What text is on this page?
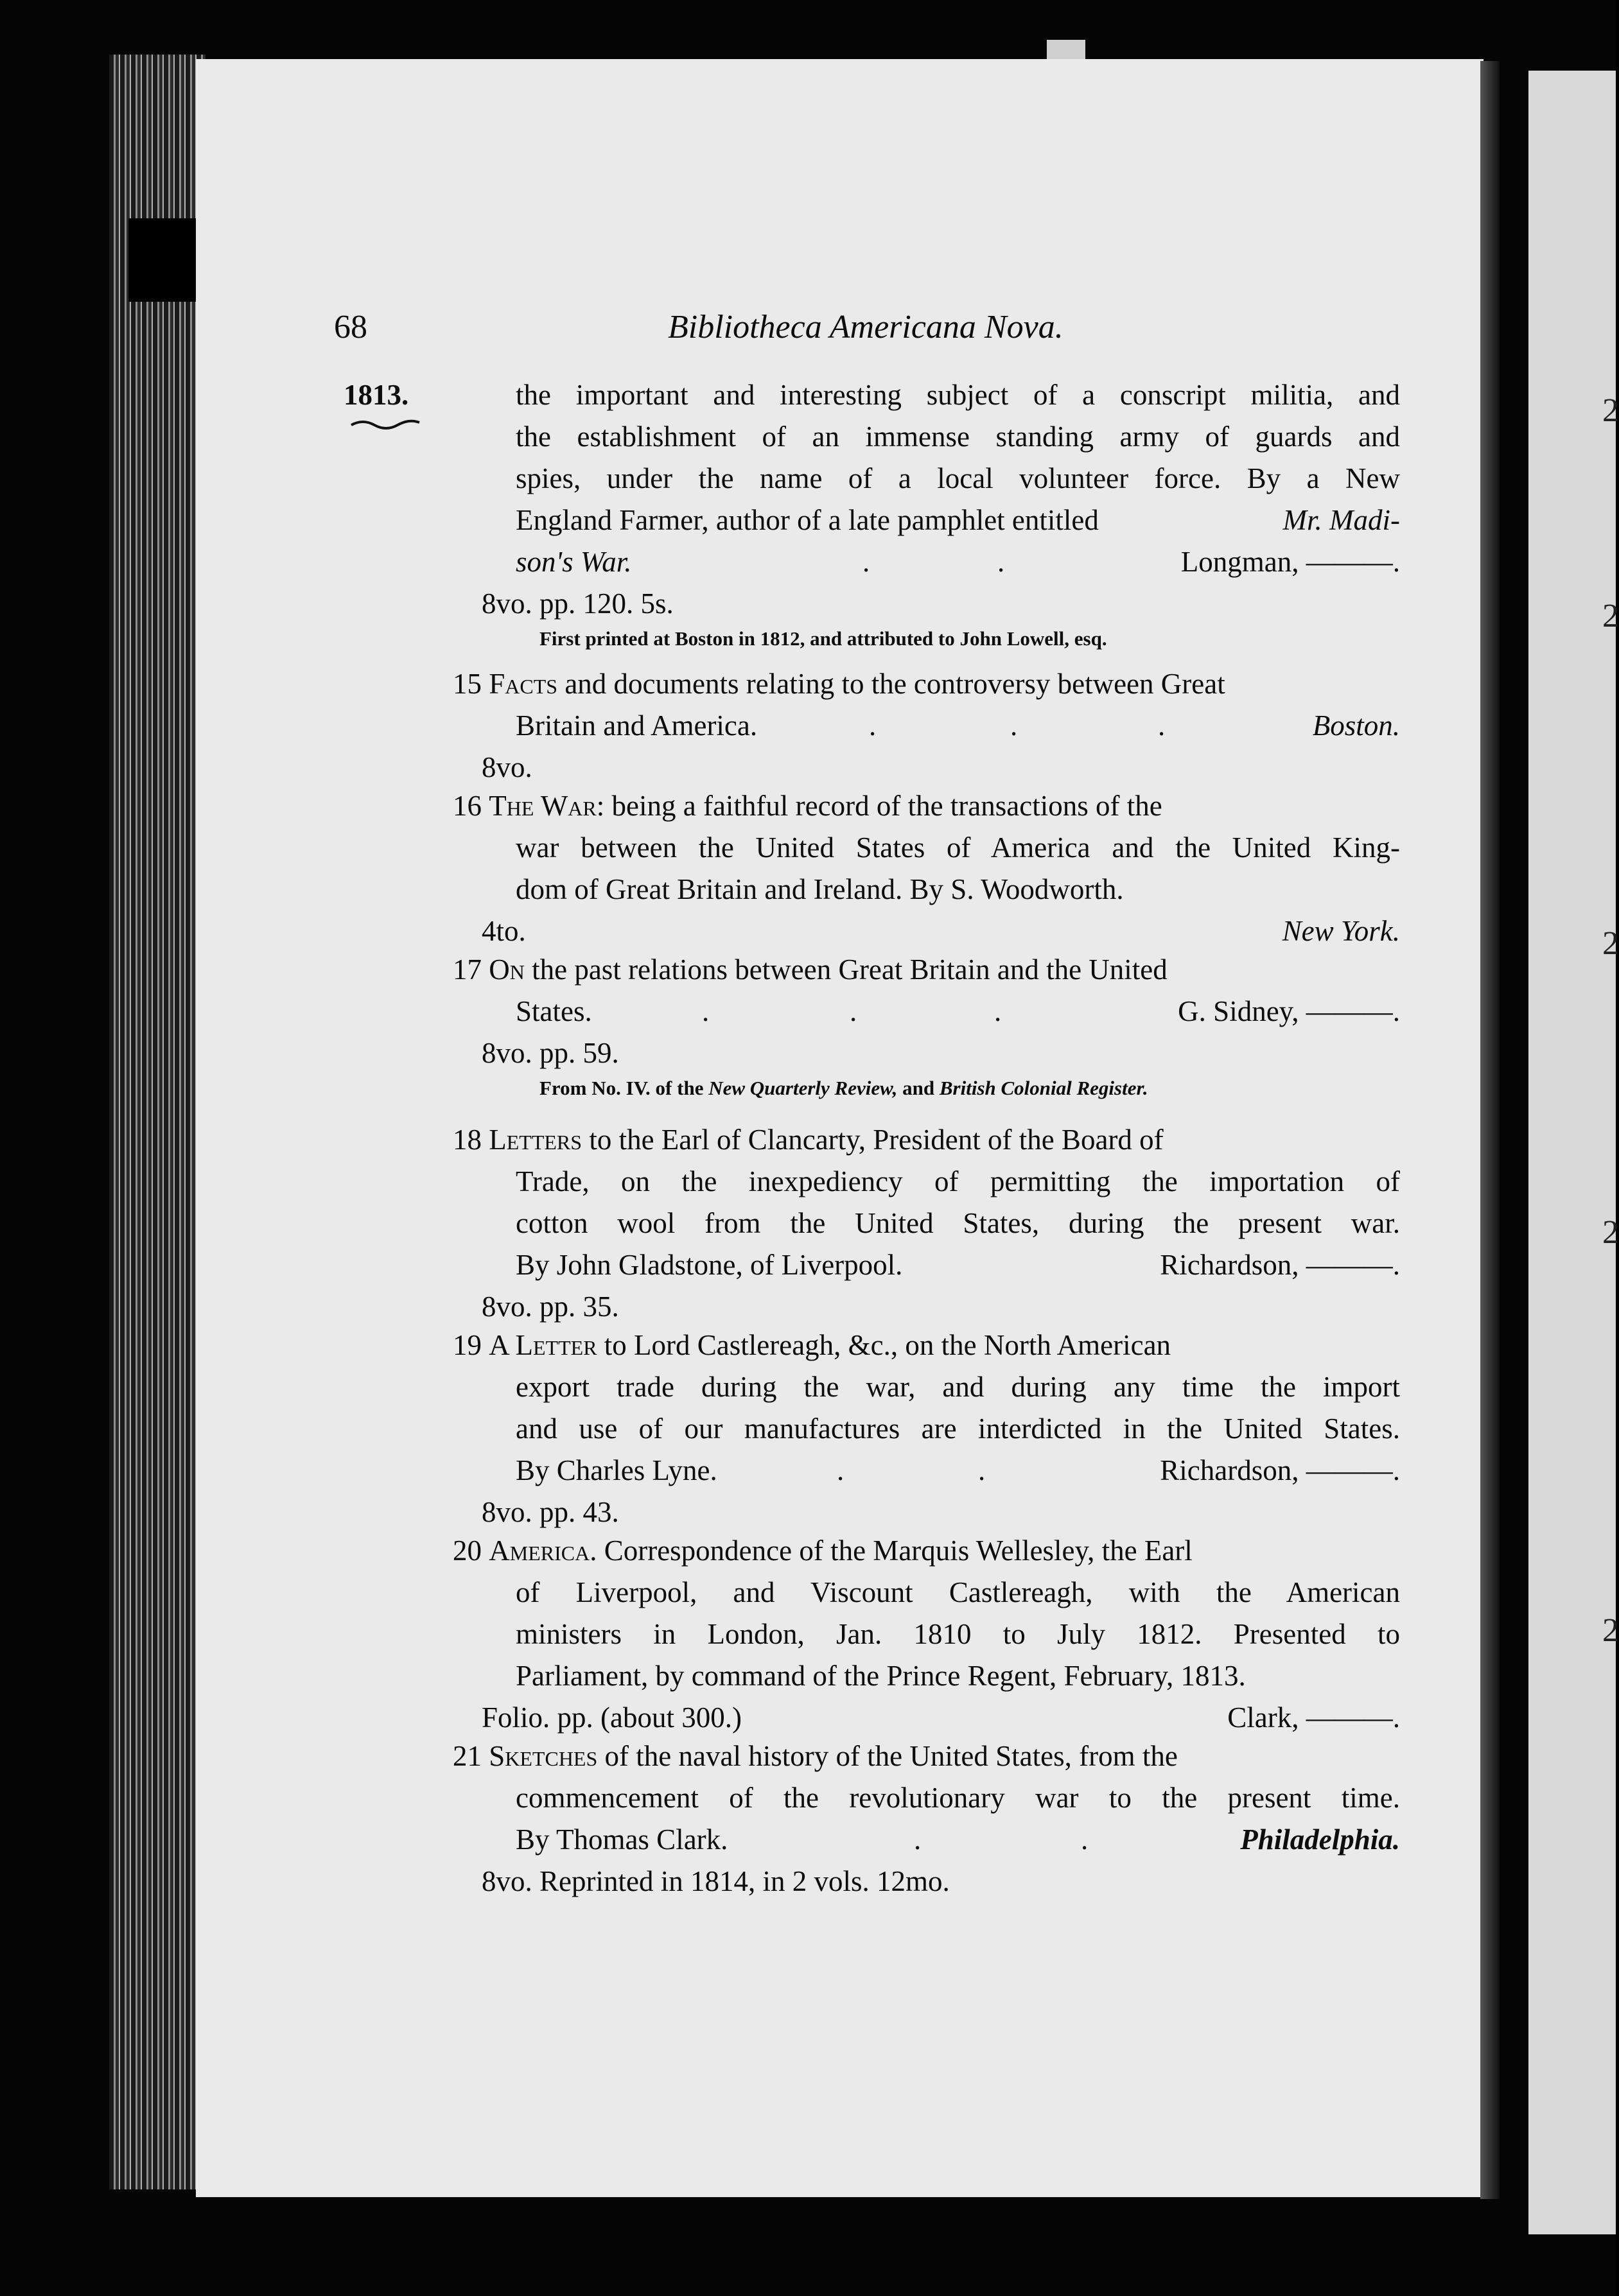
2
2
2
2
2
68	Bibliotheca Americana Nova.
1813.	the important and interesting subject of a conscript militia, and
the establishment of an immense standing army of guards and
spies, under the name of a local volunteer force. By a New
England Farmer, author of a late pamphlet entitled	Mr. Madi-
son's War.	.	.	Longman, ———.
8vo. pp. 120. 5s.
First printed at Boston in 1812, and attributed to John Lowell, esq.
15 Facts and documents relating to the controversy between Great
Britain and America.	.	.	.	Boston.
8vo.
16 The War: being a faithful record of the transactions of the
war between the United States of America and the United King-
dom of Great Britain and Ireland. By S. Woodworth.
4to.	New York.
17 On the past relations between Great Britain and the United
States.	.	.	.	G. Sidney, ———.
8vo. pp. 59.
From No. IV. of the New Quarterly Review, and British Colonial Register.
18 Letters to the Earl of Clancarty, President of the Board of
Trade, on the inexpediency of permitting the importation of
cotton wool from the United States, during the present war.
By John Gladstone, of Liverpool.	Richardson, ———.
8vo. pp. 35.
19 A Letter to Lord Castlereagh, &c., on the North American
export trade during the war, and during any time the import
and use of our manufactures are interdicted in the United States.
By Charles Lyne.	.	.	Richardson, ———.
8vo. pp. 43.
20 America. Correspondence of the Marquis Wellesley, the Earl
of Liverpool, and Viscount Castlereagh, with the American
ministers in London, Jan. 1810 to July 1812. Presented to
Parliament, by command of the Prince Regent, February, 1813.
Folio. pp. (about 300.)	Clark, ———.
21 Sketches of the naval history of the United States, from the
commencement of the revolutionary war to the present time.
By Thomas Clark.	.	.	Philadelphia.
8vo. Reprinted in 1814, in 2 vols. 12mo.
